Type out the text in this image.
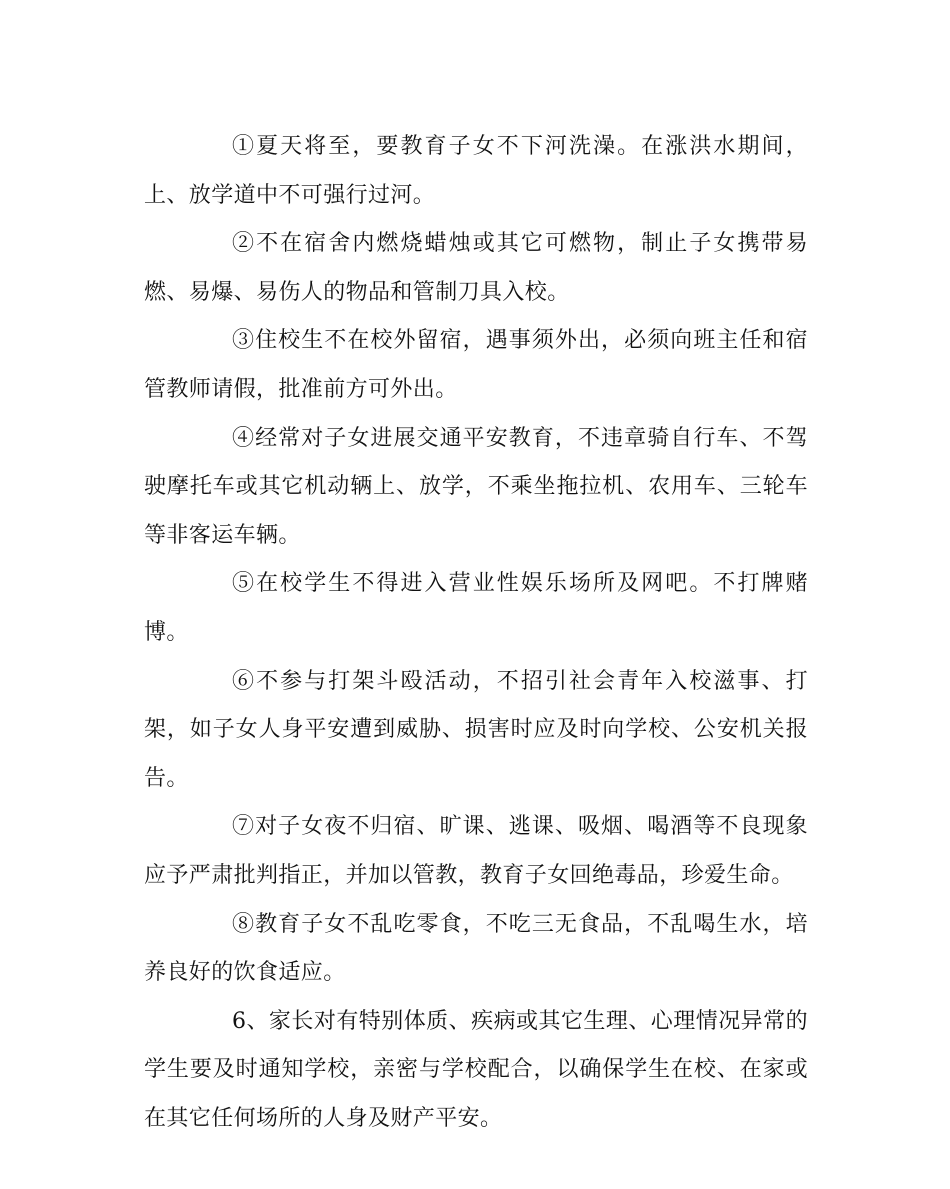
①夏天将至，要教育子女不下河洗澡。在涨洪水期间，上、放学道中不可强行过河。

②不在宿舍内燃烧蜡烛或其它可燃物，制止子女携带易燃、易爆、易伤人的物品和管制刀具入校。

③住校生不在校外留宿，遇事须外出，必须向班主任和宿管教师请假，批准前方可外出。

④经常对子女进展交通平安教育，不违章骑自行车、不驾驶摩托车或其它机动辆上、放学，不乘坐拖拉机、农用车、三轮车等非客运车辆。

⑤在校学生不得进入营业性娱乐场所及网吧。不打牌赌博。

⑥不参与打架斗殴活动，不招引社会青年入校滋事、打架，如子女人身平安遭到威胁、损害时应及时向学校、公安机关报告。

⑦对子女夜不归宿、旷课、逃课、吸烟、喝酒等不良现象应予严肃批判指正，并加以管教，教育子女回绝毒品，珍爱生命。

⑧教育子女不乱吃零食，不吃三无食品，不乱喝生水，培养良好的饮食适应。

6、家长对有特别体质、疾病或其它生理、心理情况异常的学生要及时通知学校，亲密与学校配合，以确保学生在校、在家或在其它任何场所的人身及财产平安。
